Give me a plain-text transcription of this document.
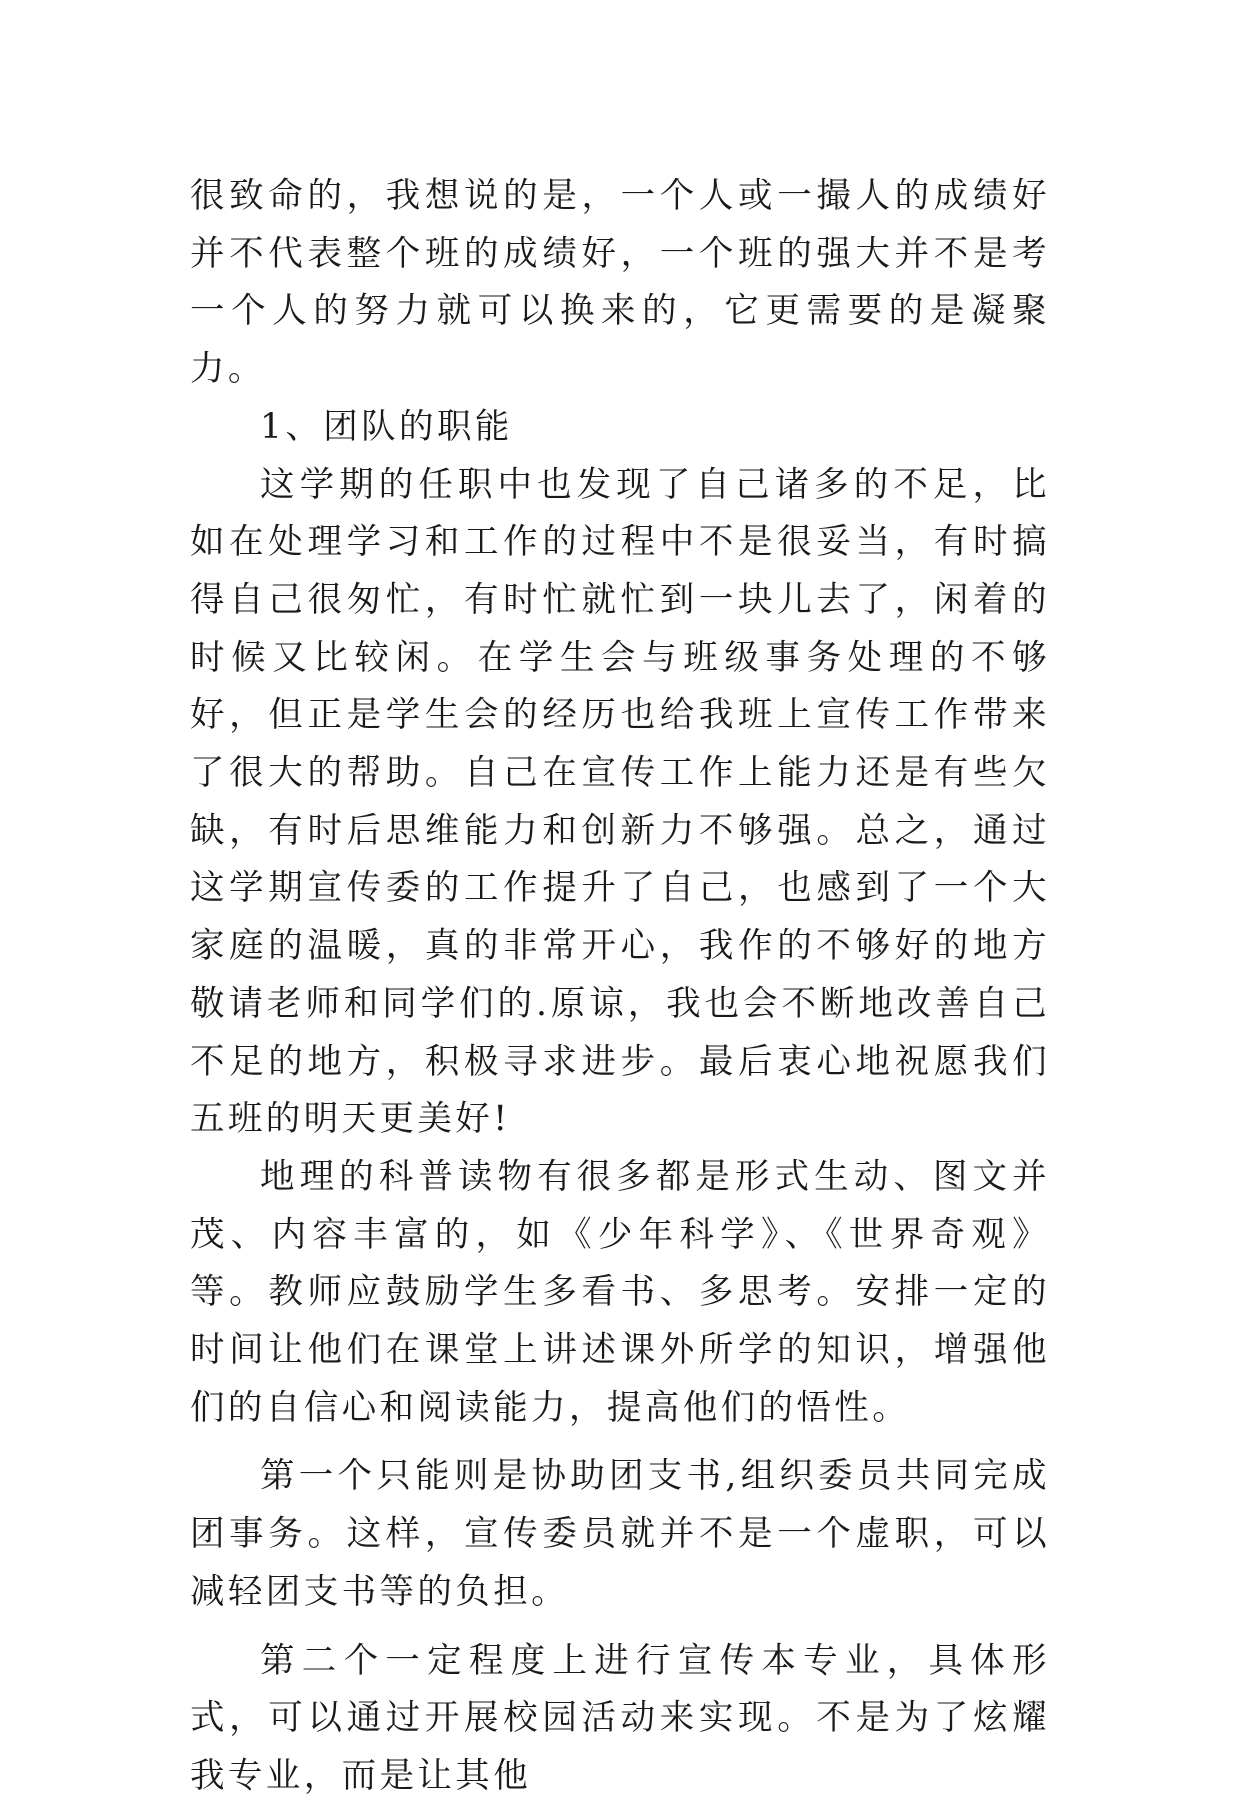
很致命的，我想说的是，一个人或一撮人的成绩好并不代表整个班的成绩好，一个班的强大并不是考一个人的努力就可以换来的，它更需要的是凝聚力。

1、团队的职能

这学期的任职中也发现了自己诸多的不足，比如在处理学习和工作的过程中不是很妥当，有时搞得自己很匆忙，有时忙就忙到一块儿去了，闲着的时候又比较闲。在学生会与班级事务处理的不够好，但正是学生会的经历也给我班上宣传工作带来了很大的帮助。自己在宣传工作上能力还是有些欠缺，有时后思维能力和创新力不够强。总之，通过这学期宣传委的工作提升了自己，也感到了一个大家庭的温暖，真的非常开心，我作的不够好的地方敬请老师和同学们的.原谅，我也会不断地改善自己不足的地方，积极寻求进步。最后衷心地祝愿我们五班的明天更美好!

地理的科普读物有很多都是形式生动、图文并茂、内容丰富的，如《少年科学》、《世界奇观》等。教师应鼓励学生多看书、多思考。安排一定的时间让他们在课堂上讲述课外所学的知识，增强他们的自信心和阅读能力，提高他们的悟性。

第一个只能则是协助团支书,组织委员共同完成团事务。这样，宣传委员就并不是一个虚职，可以减轻团支书等的负担。

第二个一定程度上进行宣传本专业，具体形式，可以通过开展校园活动来实现。不是为了炫耀我专业，而是让其他
